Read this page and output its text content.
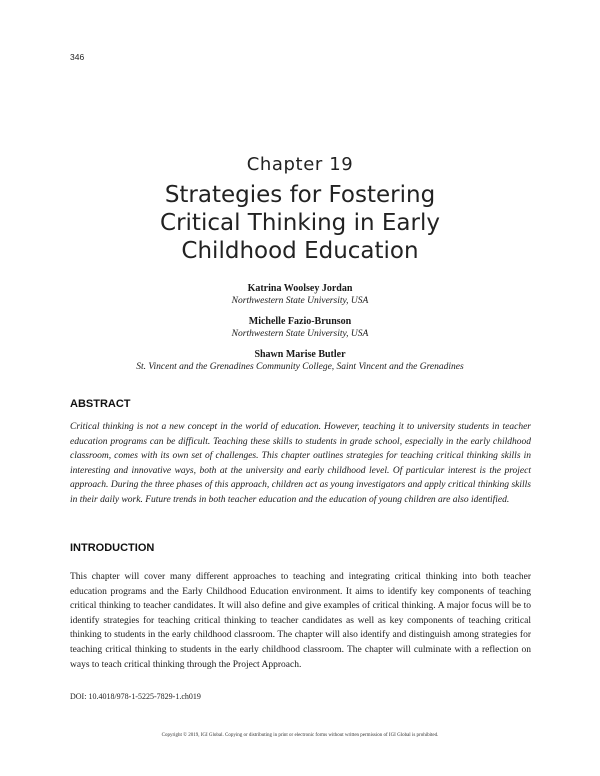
346
Chapter 19
Strategies for Fostering
Critical Thinking in Early
Childhood Education
Katrina Woolsey Jordan
Northwestern State University, USA
Michelle Fazio-Brunson
Northwestern State University, USA
Shawn Marise Butler
St. Vincent and the Grenadines Community College, Saint Vincent and the Grenadines
ABSTRACT

Critical thinking is not a new concept in the world of education. However, teaching it to university students in teacher education programs can be difficult. Teaching these skills to students in grade school, especially in the early childhood classroom, comes with its own set of challenges. This chapter outlines strategies for teaching critical thinking skills in interesting and innovative ways, both at the university and early childhood level. Of particular interest is the project approach. During the three phases of this approach, children act as young investigators and apply critical thinking skills in their daily work. Future trends in both teacher education and the education of young children are also identified.

INTRODUCTION

This chapter will cover many different approaches to teaching and integrating critical thinking into both teacher education programs and the Early Childhood Education environment. It aims to identify key components of teaching critical thinking to teacher candidates. It will also define and give examples of critical thinking. A major focus will be to identify strategies for teaching critical thinking to teacher candidates as well as key components of teaching critical thinking to students in the early childhood classroom. The chapter will also identify and distinguish among strategies for teaching critical thinking to students in the early childhood classroom. The chapter will culminate with a reflection on ways to teach critical thinking through the Project Approach.

DOI: 10.4018/978-1-5225-7829-1.ch019
Copyright © 2019, IGI Global. Copying or distributing in print or electronic forms without written permission of IGI Global is prohibited.
